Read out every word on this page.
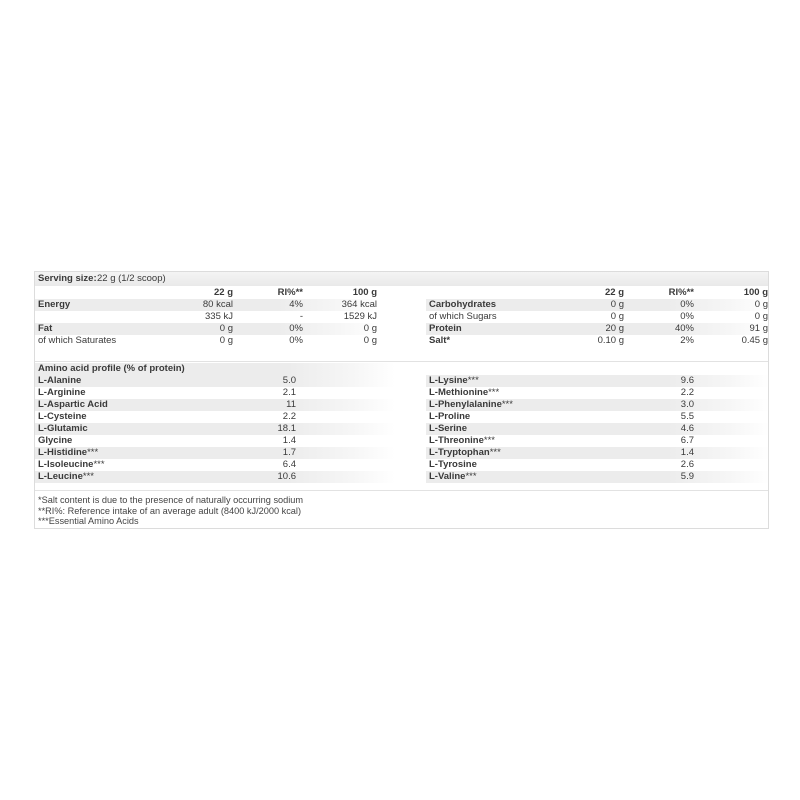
Serving size: 22 g (1/2 scoop)
22 g	RI%**	100 g	22 g	RI%**	100 g
Energy	80 kcal	4%	364 kcal
335 kJ	-	1529 kJ
Fat	0 g	0%	0 g
of which Saturates	0 g	0%	0 g
Carbohydrates	0 g	0%	0 g
of which Sugars	0 g	0%	0 g
Protein	20 g	40%	91 g
Salt*	0.10 g	2%	0.45 g
Amino acid profile (% of protein)
L-Alanine	5.0
L-Arginine	2.1
L-Aspartic Acid	11
L-Cysteine	2.2
L-Glutamic	18.1
Glycine	1.4
L-Histidine***	1.7
L-Isoleucine***	6.4
L-Leucine***	10.6
L-Lysine***	9.6
L-Methionine***	2.2
L-Phenylalanine***	3.0
L-Proline	5.5
L-Serine	4.6
L-Threonine***	6.7
L-Tryptophan***	1.4
L-Tyrosine	2.6
L-Valine***	5.9
*Salt content is due to the presence of naturally occurring sodium
**RI%: Reference intake of an average adult (8400 kJ/2000 kcal)
***Essential Amino Acids
